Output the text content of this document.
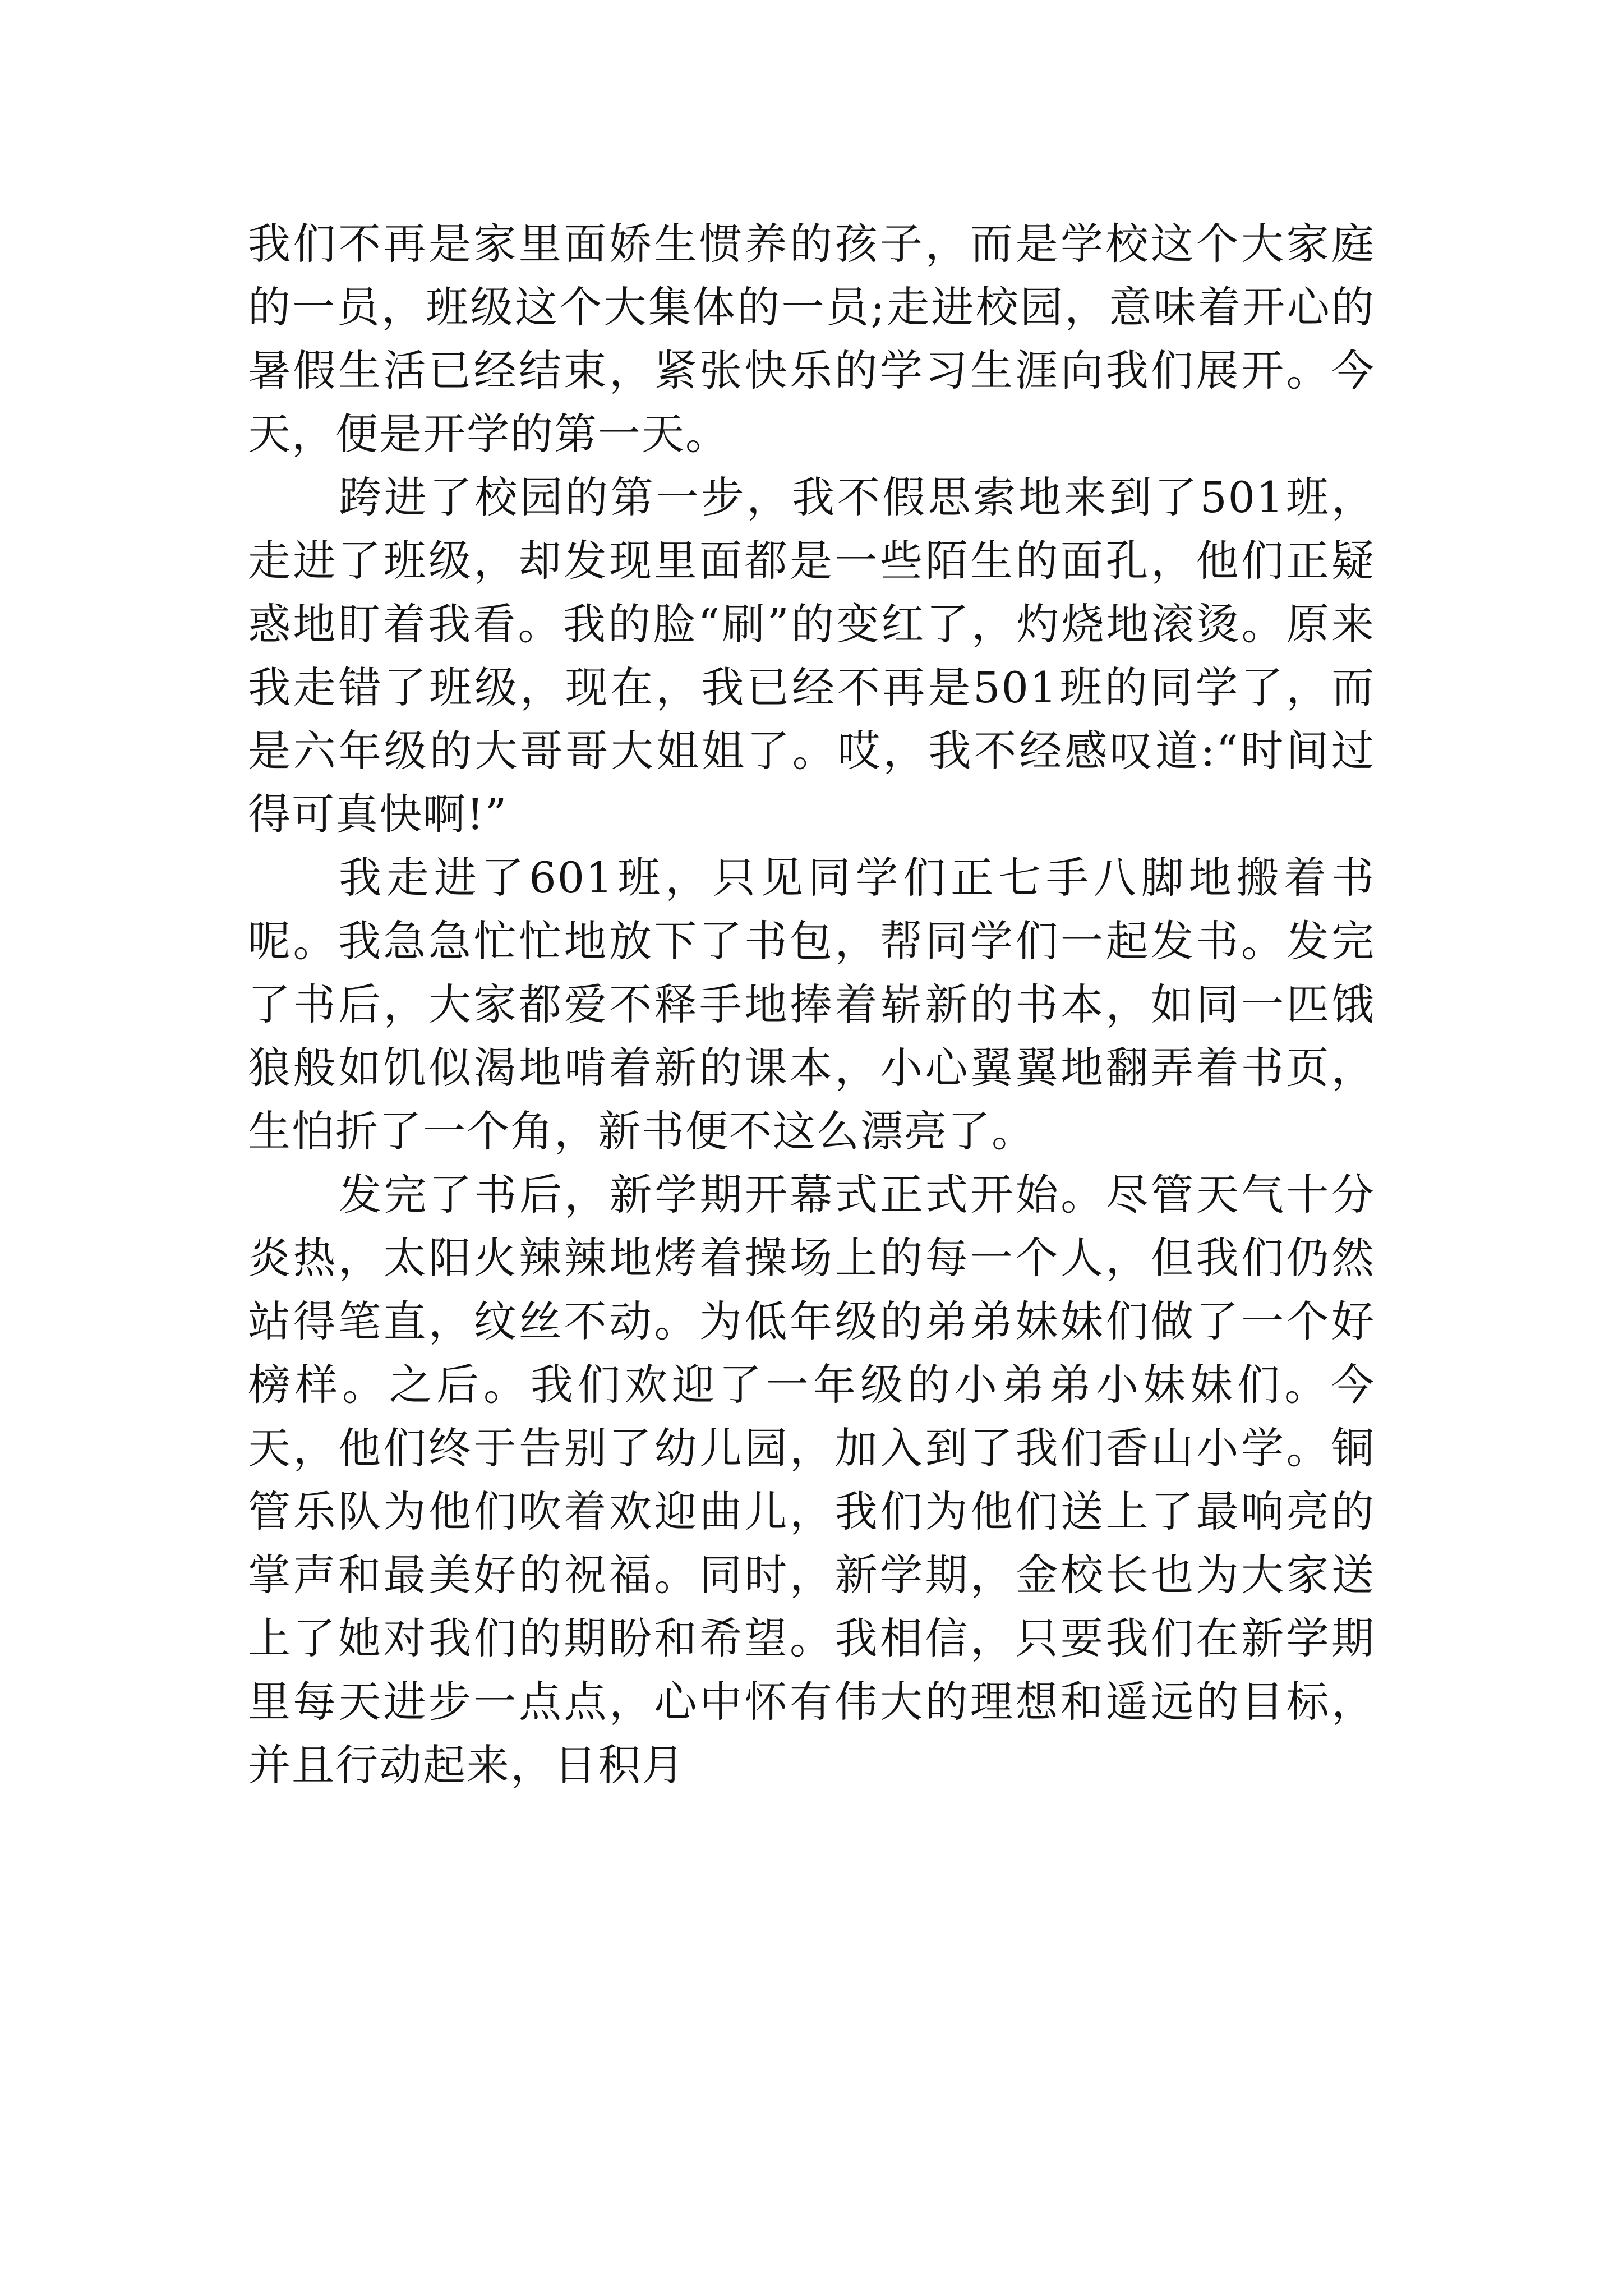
我们不再是家里面娇生惯养的孩子，而是学校这个大家庭的一员，班级这个大集体的一员;走进校园，意味着开心的暑假生活已经结束，紧张快乐的学习生涯向我们展开。今天，便是开学的第一天。

跨进了校园的第一步，我不假思索地来到了501班，走进了班级，却发现里面都是一些陌生的面孔，他们正疑惑地盯着我看。我的脸“刷”的变红了，灼烧地滚烫。原来我走错了班级，现在，我已经不再是501班的同学了，而是六年级的大哥哥大姐姐了。哎，我不经感叹道:“时间过得可真快啊!”

我走进了601班，只见同学们正七手八脚地搬着书呢。我急急忙忙地放下了书包，帮同学们一起发书。发完了书后，大家都爱不释手地捧着崭新的书本，如同一匹饿狼般如饥似渴地啃着新的课本，小心翼翼地翻弄着书页，生怕折了一个角，新书便不这么漂亮了。

发完了书后，新学期开幕式正式开始。尽管天气十分炎热，太阳火辣辣地烤着操场上的每一个人，但我们仍然站得笔直，纹丝不动。为低年级的弟弟妹妹们做了一个好榜样。之后。我们欢迎了一年级的小弟弟小妹妹们。今天，他们终于告别了幼儿园，加入到了我们香山小学。铜管乐队为他们吹着欢迎曲儿，我们为他们送上了最响亮的掌声和最美好的祝福。同时，新学期，金校长也为大家送上了她对我们的期盼和希望。我相信，只要我们在新学期里每天进步一点点，心中怀有伟大的理想和遥远的目标，并且行动起来，日积月
